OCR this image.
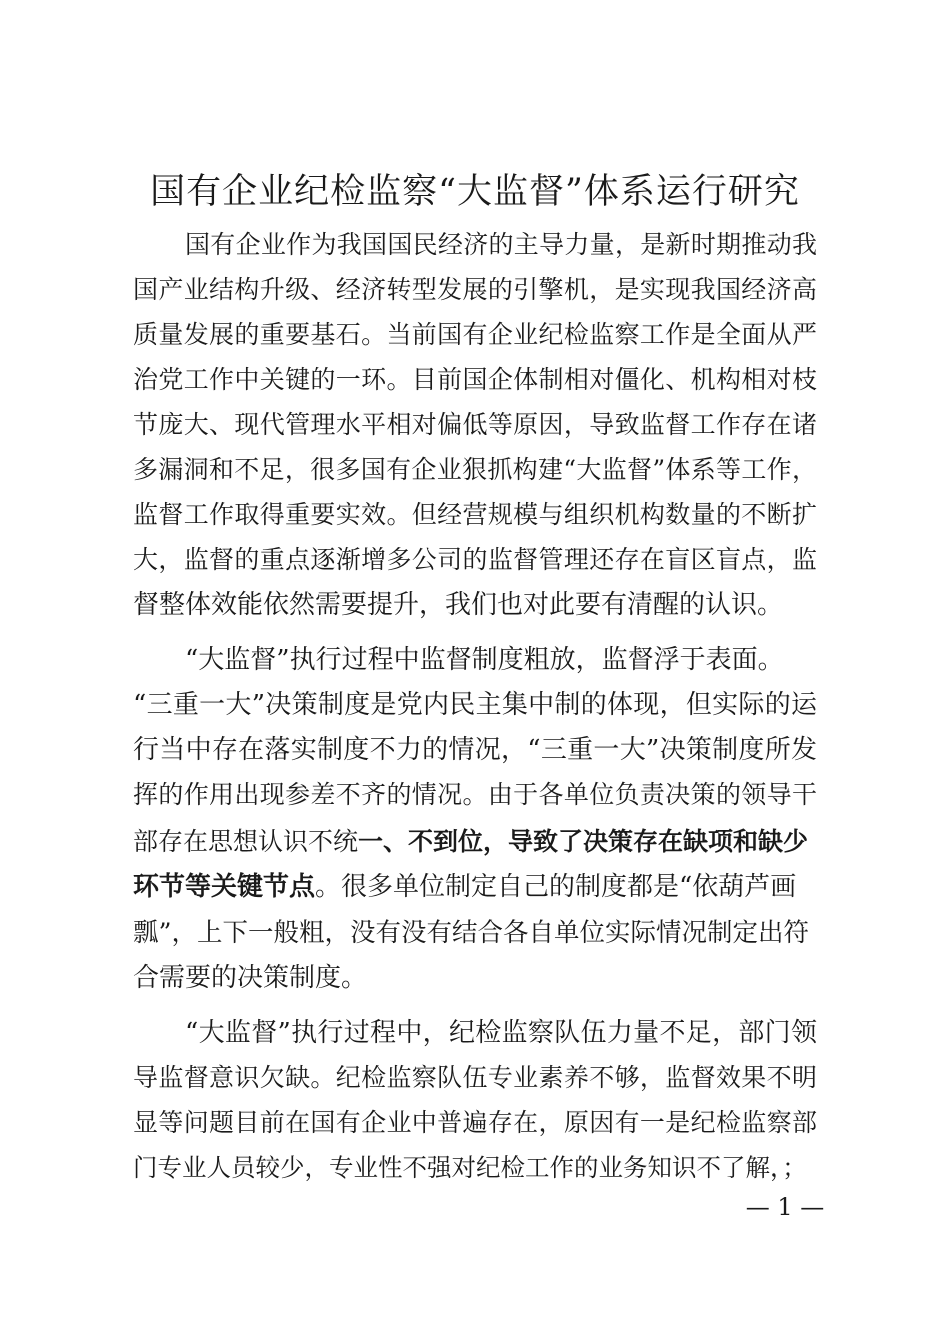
国有企业纪检监察“大监督”体系运行研究
国有企业作为我国国民经济的主导力量，是新时期推动我
国产业结构升级、经济转型发展的引擎机，是实现我国经济高
质量发展的重要基石。当前国有企业纪检监察工作是全面从严
治党工作中关键的一环。目前国企体制相对僵化、机构相对枝
节庞大、现代管理水平相对偏低等原因，导致监督工作存在诸
多漏洞和不足，很多国有企业狠抓构建“大监督”体系等工作，
监督工作取得重要实效。但经营规模与组织机构数量的不断扩
大，监督的重点逐渐增多公司的监督管理还存在盲区盲点，监
督整体效能依然需要提升，我们也对此要有清醒的认识。
“大监督”执行过程中监督制度粗放，监督浮于表面。
“三重一大”决策制度是党内民主集中制的体现，但实际的运
行当中存在落实制度不力的情况，“三重一大”决策制度所发
挥的作用出现参差不齐的情况。由于各单位负责决策的领导干
部存在思想认识不统一、不到位，导致了决策存在缺项和缺少
环节等关键节点。很多单位制定自己的制度都是“依葫芦画
瓢”，上下一般粗，没有没有结合各自单位实际情况制定出符
合需要的决策制度。
“大监督”执行过程中，纪检监察队伍力量不足，部门领
导监督意识欠缺。纪检监察队伍专业素养不够，监督效果不明
显等问题目前在国有企业中普遍存在，原因有一是纪检监察部
门专业人员较少，专业性不强对纪检工作的业务知识不了解，；
— 1 —
